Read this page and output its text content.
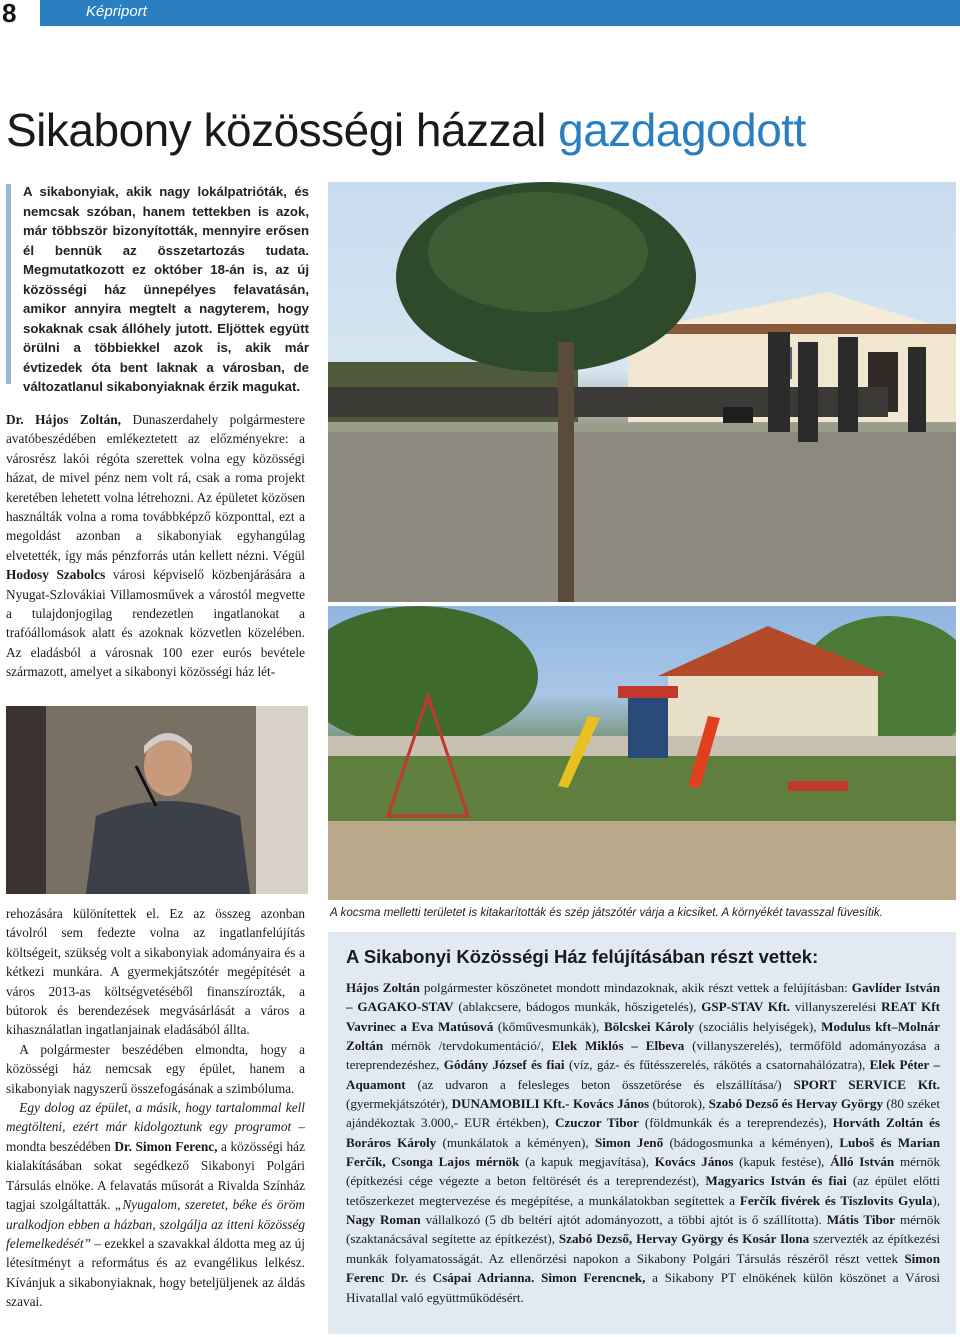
8	Képriport
Sikabony közösségi házzal gazdagodott
A sikabonyiak, akik nagy lokálpatrióták, és nemcsak szóban, hanem tettekben is azok, már többször bizonyították, mennyire erősen él bennük az összetartozás tudata. Megmutatkozott ez október 18-án is, az új közösségi ház ünnepélyes felavatásán, amikor annyira megtelt a nagyterem, hogy sokaknak csak állóhely jutott. Eljöttek együtt örülni a többiekkel azok is, akik már évtizedek óta bent laknak a városban, de változatlanul sikabonyiaknak érzik magukat.

Dr. Hájos Zoltán, Dunaszerdahely polgármestere avatóbeszédében emlékeztetett az előzményekre: a városrész lakói régóta szerettek volna egy közösségi házat, de mivel pénz nem volt rá, csak a roma projekt keretében lehetett volna létrehozni. Az épületet közösen használták volna a roma továbbképző központtal, ezt a megoldást azonban a sikabonyiak egyhangúlag elvetették, így más pénzforrás után kellett nézni. Végül Hodosy Szabolcs városi képviselő közbenjárására a Nyugat-Szlovákiai Villamosművek a várostól megvette a tulajdonjogilag rendezetlen ingatlanokat a trafóállomások alatt és azoknak közvetlen közelében. Az eladásból a városnak 100 ezer eurós bevétele származott, amelyet a sikabonyi közösségi ház lét-

A kocsma melletti területet is kitakarították és szép játszótér várja a kicsiket. A környékét tavasszal füvesítik.

rehozására különítettek el. Ez az összeg azonban távolról sem fedezte volna az ingatlanfelújítás költségeit, szükség volt a sikabonyiak adományaira és a kétkezi munkára. A gyermekjátszótér megépítését a város 2013-as költségvetéséből finanszírozták, a bútorok és berendezések megvásárlását a város a kihasználatlan ingatlanjainak eladásából állta.

A polgármester beszédében elmondta, hogy a közösségi ház nemcsak egy épület, hanem a sikabonyiak nagyszerű összefogásának a szimbóluma.

Egy dolog az épület, a másik, hogy tartalommal kell megtölteni, ezért már kidolgoztunk egy programot – mondta beszédében Dr. Simon Ferenc, a közösségi ház kialakításában sokat segédkező Sikabonyi Polgári Társulás elnöke. A felavatás műsorát a Rivalda Színház tagjai szolgáltatták. „Nyugalom, szeretet, béke és öröm uralkodjon ebben a házban, szolgálja az itteni közösség felemelkedését” – ezekkel a szavakkal áldotta meg az új létesítményt a református és az evangélikus lelkész. Kívánjuk a sikabonyiaknak, hogy beteljüljenek az áldás szavai.

A Sikabonyi Közösségi Ház felújításában részt vettek:
Hájos Zoltán polgármester köszönetet mondott mindazoknak, akik részt vettek a felújításban: Gavlíder István – GAGAKO-STAV (ablakcsere, bádogos munkák, hőszigetelés), GSP-STAV Kft. villanyszerelési REAT Kft Vavrinec a Eva Matúsová (kőművesmunkák), Bölcskei Károly (szociális helyiségek), Modulus kft–Molnár Zoltán mérnök /tervdokumentáció/, Elek Miklós – Elbeva (villanyszerelés), termőföld adományozása a tereprendezéshez, Gódány József és fiai (víz, gáz- és fűtésszerelés, rákötés a csatornahálózatra), Elek Péter – Aquamont (az udvaron a felesleges beton összetörése és elszállítása/) SPORT SERVICE Kft. (gyermekjátszótér), DUNAMOBILI Kft.- Kovács János (bútorok), Szabó Dezső és Hervay György (80 széket ajándékoztak 3.000,- EUR értékben), Czuczor Tibor (földmunkák és a tereprendezés), Horváth Zoltán és Boráros Károly (munkálatok a kéményen), Simon Jenő (bádogosmunka a kéményen), Luboš és Marian Ferčík, Csonga Lajos mérnök (a kapuk megjavítása), Kovács János (kapuk festése), Álló István mérnök (építkezési cége végezte a beton feltörését és a tereprendezést), Magyarics István és fiai (az épület előtti tetőszerkezet megtervezése és megépítése, a munkálatokban segítettek a Ferčík fivérek és Tiszlovits Gyula), Nagy Roman vállalkozó (5 db beltéri ajtót adományozott, a többi ajtót is ő szállította). Mátis Tibor mérnök (szaktanácsával segítette az építkezést), Szabó Dezső, Hervay György és Kosár Ilona szervezték az építkezési munkák folyamatosságát. Az ellenőrzési napokon a Sikabony Polgári Társulás részéről részt vettek Simon Ferenc Dr. és Csápai Adrianna. Simon Ferencnek, a Sikabony PT elnökének külön köszönet a Városi Hivatallal való együttműködésért.
